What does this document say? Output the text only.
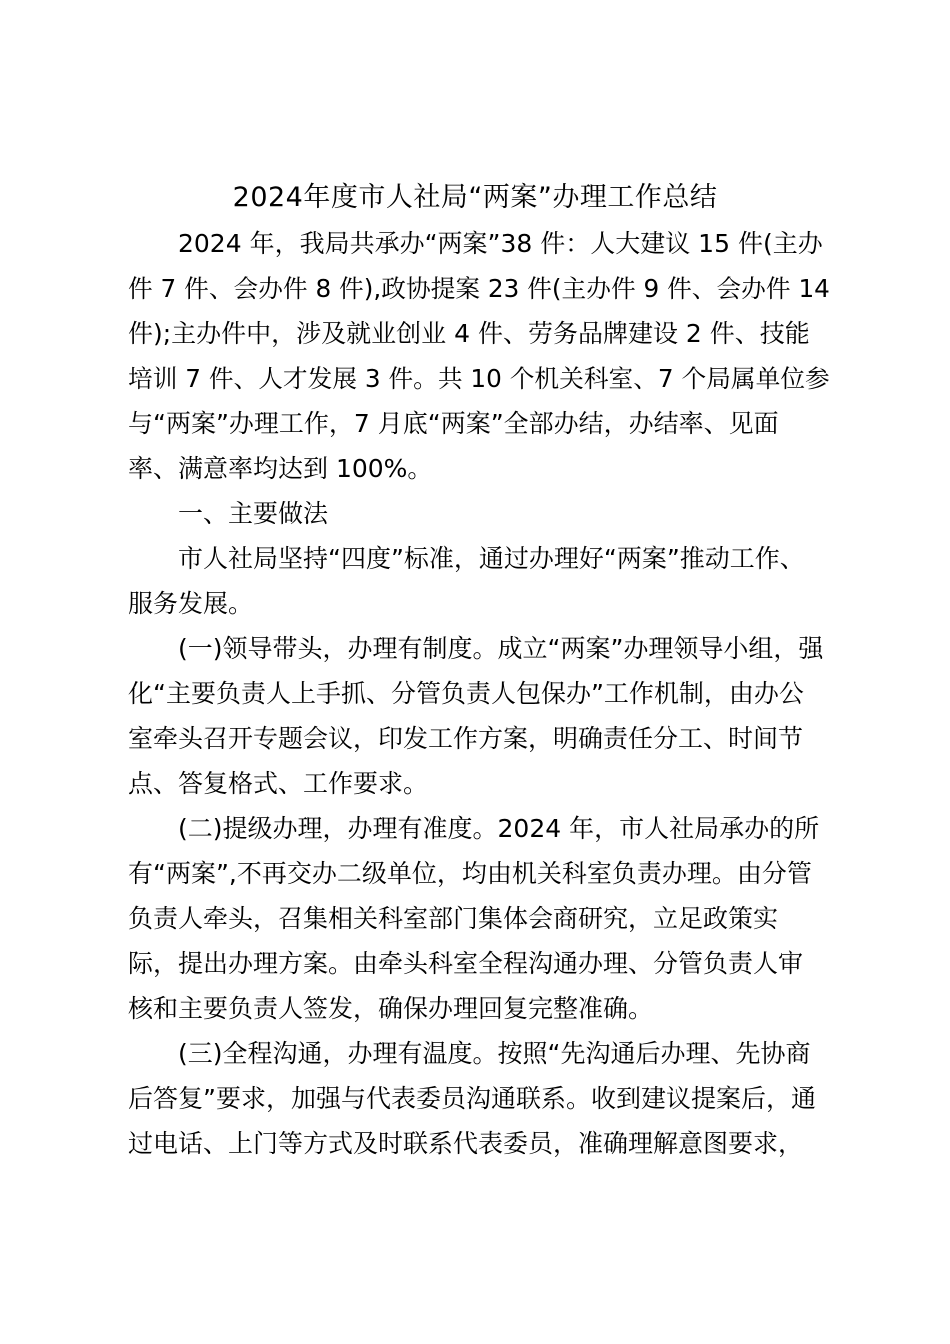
2024年度市人社局“两案”办理工作总结
2024 年，我局共承办“两案”38 件：人大建议 15 件(主办
件 7 件、会办件 8 件),政协提案 23 件(主办件 9 件、会办件 14
件);主办件中，涉及就业创业 4 件、劳务品牌建设 2 件、技能
培训 7 件、人才发展 3 件。共 10 个机关科室、7 个局属单位参
与“两案”办理工作，7 月底“两案”全部办结，办结率、见面
率、满意率均达到 100%。
一、主要做法
市人社局坚持“四度”标准，通过办理好“两案”推动工作、
服务发展。
(一)领导带头，办理有制度。成立“两案”办理领导小组，强
化“主要负责人上手抓、分管负责人包保办”工作机制，由办公
室牵头召开专题会议，印发工作方案，明确责任分工、时间节
点、答复格式、工作要求。
(二)提级办理，办理有准度。2024 年，市人社局承办的所
有“两案”,不再交办二级单位，均由机关科室负责办理。由分管
负责人牵头，召集相关科室部门集体会商研究，立足政策实
际，提出办理方案。由牵头科室全程沟通办理、分管负责人审
核和主要负责人签发，确保办理回复完整准确。
(三)全程沟通，办理有温度。按照“先沟通后办理、先协商
后答复”要求，加强与代表委员沟通联系。收到建议提案后，通
过电话、上门等方式及时联系代表委员，准确理解意图要求，
